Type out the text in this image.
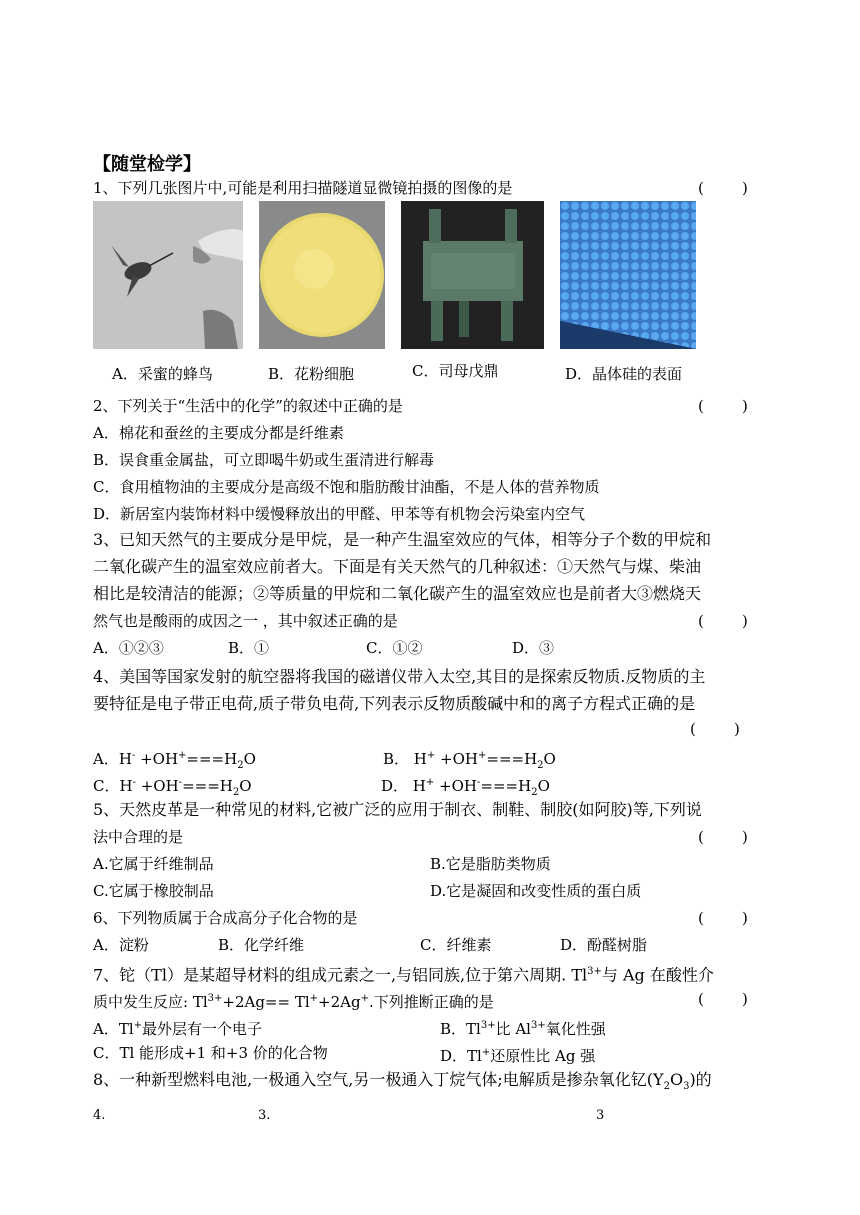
【随堂检学】
1、下列几张图片中,可能是利用扫描隧道显微镜拍摄的图像的是	(        )
A．采蜜的蜂鸟	B．花粉细胞	C．司母戊鼎	D．晶体硅的表面
2、下列关于“生活中的化学”的叙述中正确的是	(        )
A．棉花和蚕丝的主要成分都是纤维素
B．误食重金属盐，可立即喝牛奶或生蛋清进行解毒
C．食用植物油的主要成分是高级不饱和脂肪酸甘油酯，不是人体的营养物质
D．新居室内装饰材料中缓慢释放出的甲醛、甲苯等有机物会污染室内空气
3、已知天然气的主要成分是甲烷，是一种产生温室效应的气体，相等分子个数的甲烷和
二氧化碳产生的温室效应前者大。下面是有关天然气的几种叙述：①天然气与煤、柴油
相比是较清洁的能源；②等质量的甲烷和二氧化碳产生的温室效应也是前者大③燃烧天
然气也是酸雨的成因之一 ，其中叙述正确的是	(        )
A．①②③	B．①	C．①②	D．③
4、美国等国家发射的航空器将我国的磁谱仪带入太空,其目的是探索反物质.反物质的主
要特征是电子带正电荷,质子带负电荷,下列表示反物质酸碱中和的离子方程式正确的是
(        )
A．$H^- +OH^+===H_2O$	B． $H^+ +OH^+===H_2O$
C．$H^- +OH^-===H_2O$	D． $H^+ +OH^-===H_2O$
5、天然皮革是一种常见的材料,它被广泛的应用于制衣、制鞋、制胶(如阿胶)等,下列说
法中合理的是	(        )
A.它属于纤维制品	B.它是脂肪类物质
C.它属于橡胶制品	D.它是凝固和改变性质的蛋白质
6、下列物质属于合成高分子化合物的是	(        )
A．淀粉	B．化学纤维	C．纤维素	D．酚醛树脂
7、铊（Tl）是某超导材料的组成元素之一,与铝同族,位于第六周期. $Tl^{3+}$与 Ag 在酸性介
质中发生反应: $Tl^{3+}+2Ag== Tl^++2Ag^+$.下列推断正确的是	(        )
A．Tl+最外层有一个电子	B．$Tl^{3+}$比 $Al^{3+}$氧化性强
C．Tl 能形成+1 和+3 价的化合物	D．Tl+还原性比 Ag 强
8、一种新型燃料电池,一极通入空气,另一极通入丁烷气体;电解质是掺杂氧化钇$(Y_2O_3)$的
4.	3.	3
